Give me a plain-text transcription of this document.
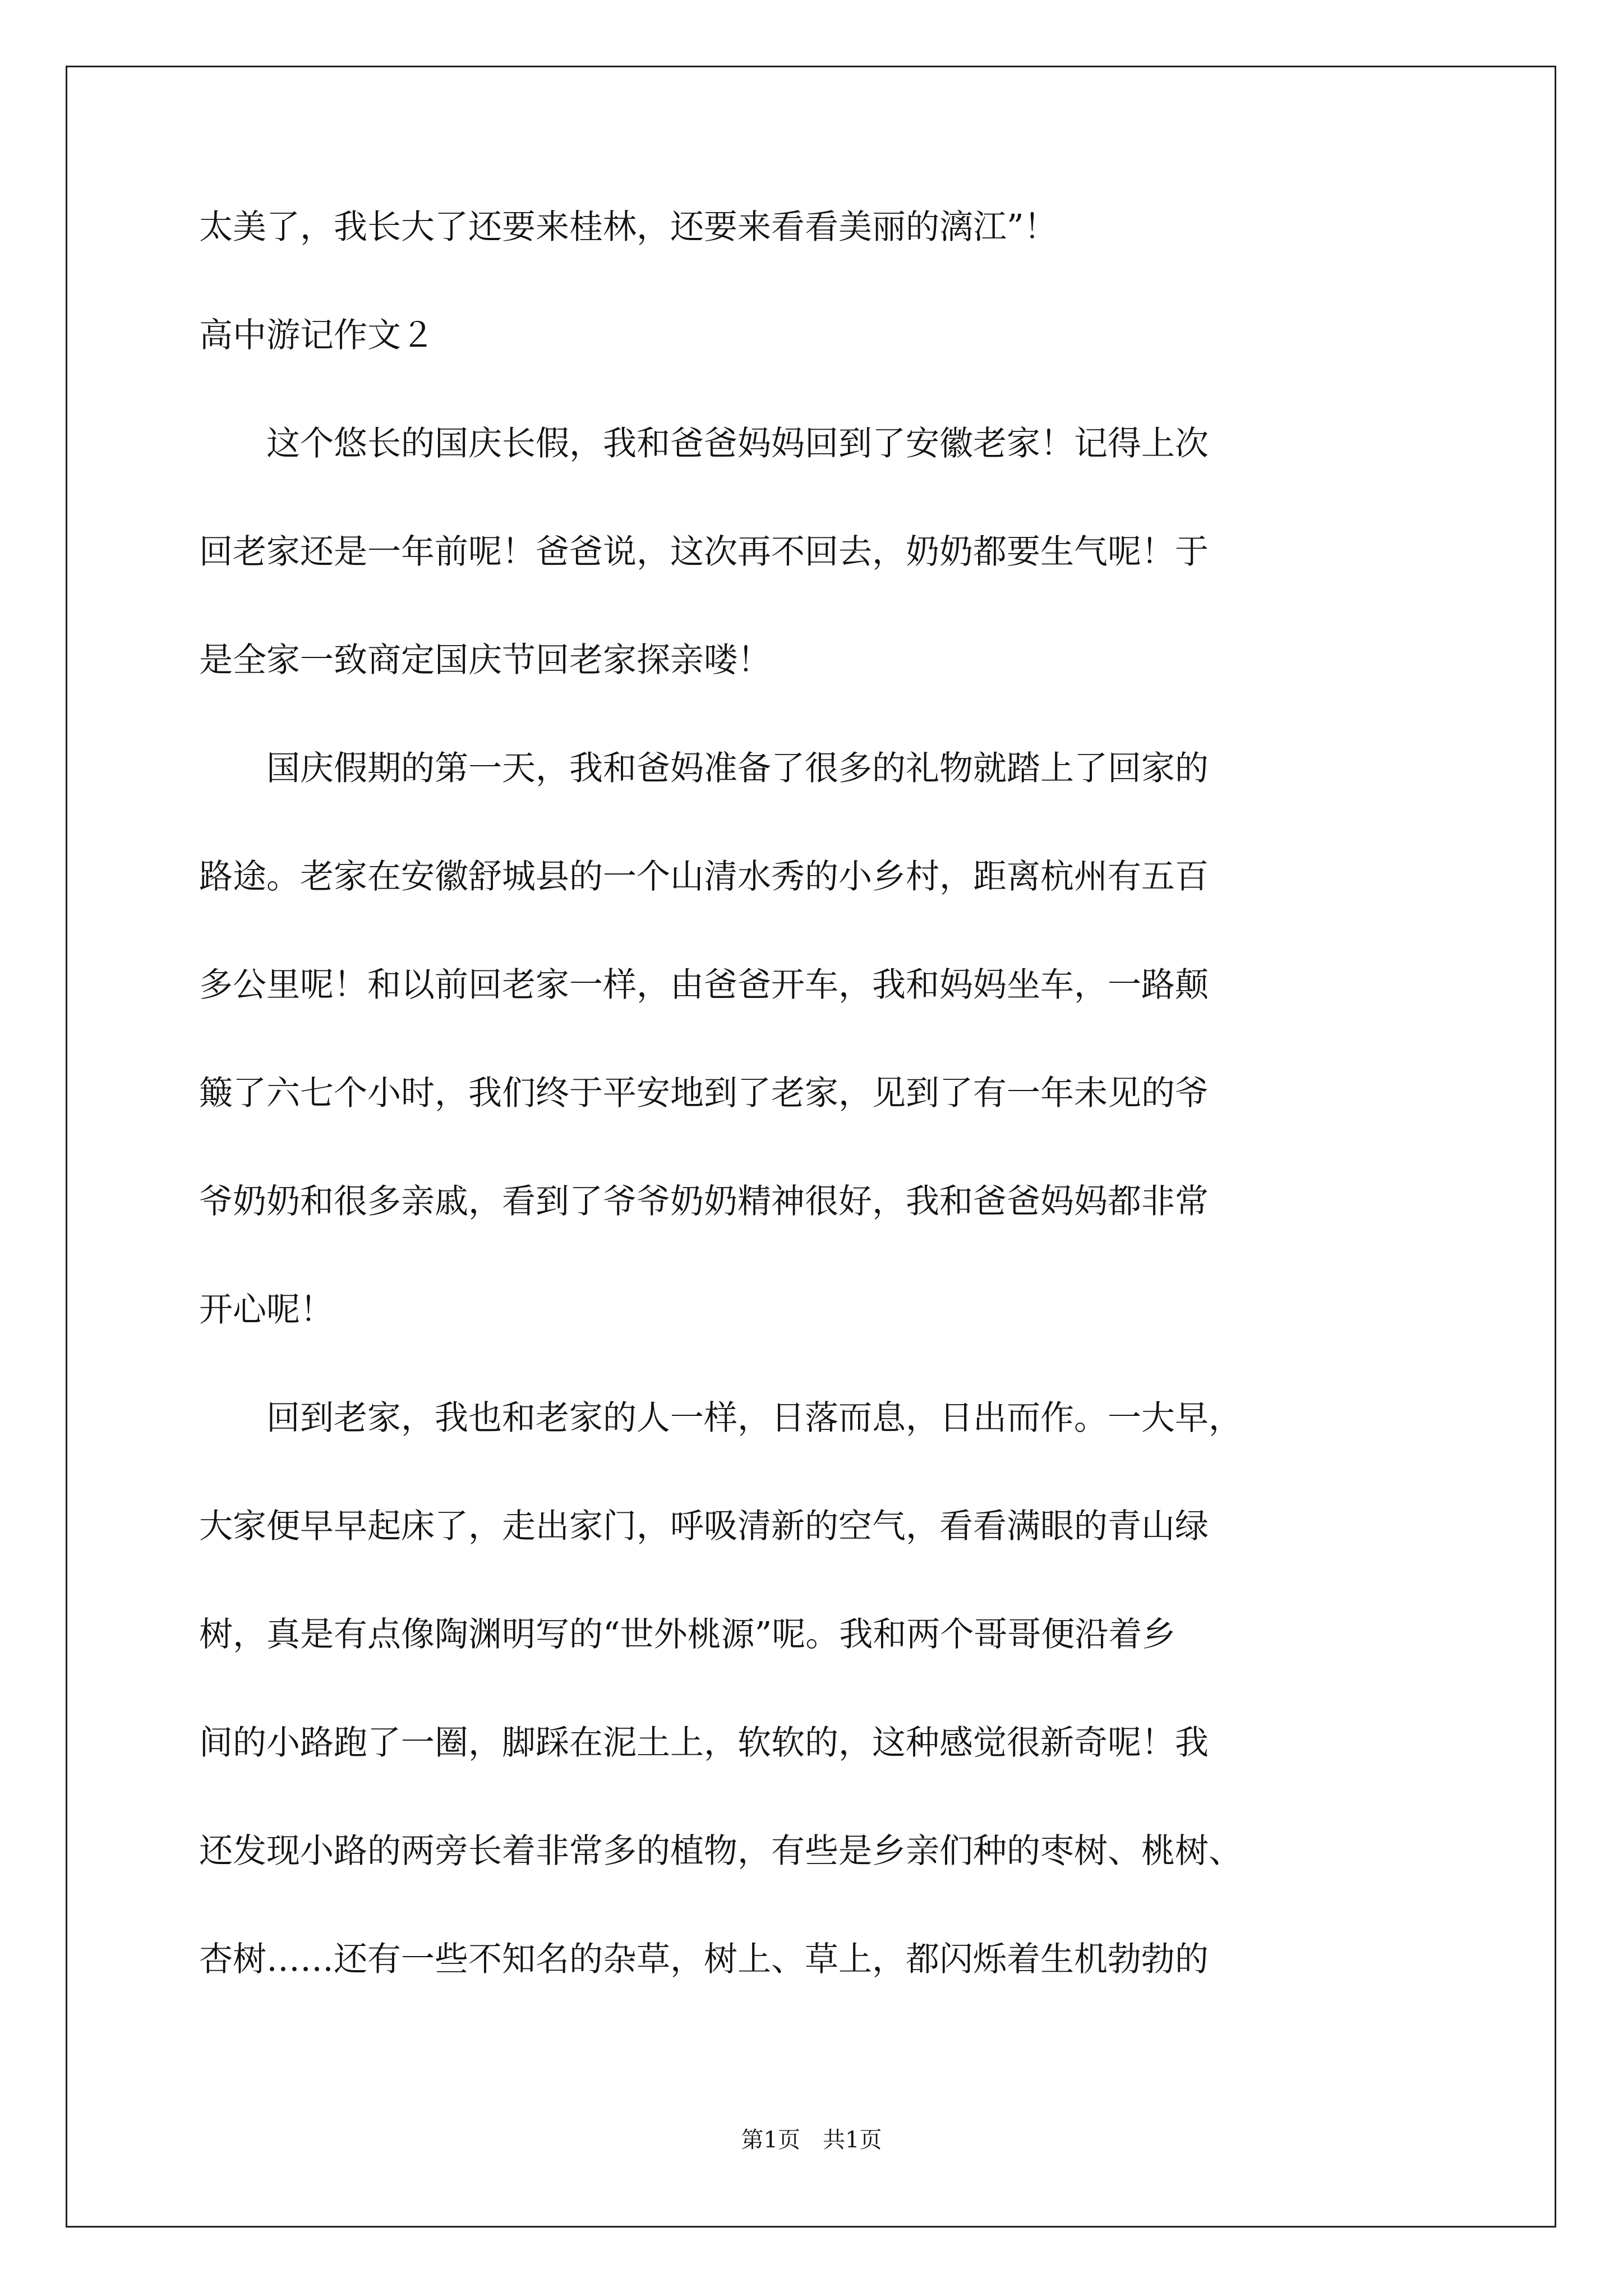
太美了，我长大了还要来桂林，还要来看看美丽的漓江”！
高中游记作文２
　　这个悠长的国庆长假，我和爸爸妈妈回到了安徽老家！记得上次
回老家还是一年前呢！爸爸说，这次再不回去，奶奶都要生气呢！于
是全家一致商定国庆节回老家探亲喽！
　　国庆假期的第一天，我和爸妈准备了很多的礼物就踏上了回家的
路途。老家在安徽舒城县的一个山清水秀的小乡村，距离杭州有五百
多公里呢！和以前回老家一样，由爸爸开车，我和妈妈坐车，一路颠
簸了六七个小时，我们终于平安地到了老家，见到了有一年未见的爷
爷奶奶和很多亲戚，看到了爷爷奶奶精神很好，我和爸爸妈妈都非常
开心呢！
　　回到老家，我也和老家的人一样，日落而息，日出而作。一大早，
大家便早早起床了，走出家门，呼吸清新的空气，看看满眼的青山绿
树，真是有点像陶渊明写的“世外桃源”呢。我和两个哥哥便沿着乡
间的小路跑了一圈，脚踩在泥土上，软软的，这种感觉很新奇呢！我
还发现小路的两旁长着非常多的植物，有些是乡亲们种的枣树、桃树、
杏树……还有一些不知名的杂草，树上、草上，都闪烁着生机勃勃的
第1页　共1页
